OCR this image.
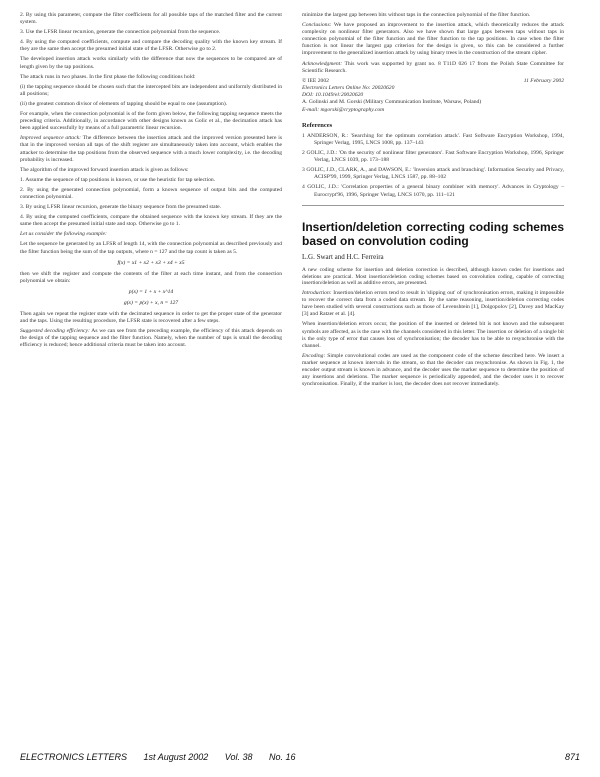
2. By using this parameter, compute the filter coefficients for all possible taps of the matched filter and the current system.

3. Use the LFSR linear recursion, generate the connection polynomial from the sequence.

4. By using the computed coefficients, compute and compare the decoding quality with the known key stream. If they are the same then accept the presumed initial state of the LFSR. Otherwise go to 2.

The developed insertion attack works similarly with the difference that now the sequences to be compared are of length given by the tap positions.

The attack runs in two phases. In the first phase the following conditions hold:

(i) the tapping sequence should be chosen such that the intercepted bits are independent and uniformly distributed in all positions;

(ii) the greatest common divisor of elements of tapping should be equal to one (assumption).

For example, when the connection polynomial is of the form given below, the following tapping sequence meets the preceding criteria. Additionally, in accordance with other designs known as Golic et al., the decimation attack has been applied successfully by means of a full parametric linear recursion.

Improved sequence attack: The difference between the insertion attack and the improved version presented here is that in the improved version all taps of the shift register are simultaneously taken into account, which enables the attacker to determine the tap positions from the observed sequence with a much lower complexity, i.e. the decoding probability is increased.

The algorithm of the improved forward insertion attack is given as follows:

1. Assume the sequence of tap positions is known, or use the heuristic for tap selection.

2. By using the generated connection polynomial, form a known sequence of output bits and the computed connection polynomial.

3. By using LFSR linear recursion, generate the binary sequence from the presumed state.

4. By using the computed coefficients, compare the obtained sequence with the known key stream. If they are the same then accept the presumed initial state and stop. Otherwise go to 1.

Let us consider the following example:

Let the sequence be generated by an LFSR of length 14, with the connection polynomial as described previously and the filter function being the sum of the tap outputs, where n = 127 and the tap count is taken as 5.

f(x) = x1 + x2 + x3 + x4 + x5

then we shift the register and compute the contents of the filter at each time instant, and from the connection polynomial we obtain:

p(x) = 1 + x + x^14
g(x) = p(x) + x, n = 127

Then again we repeat the register state with the decimated sequence in order to get the proper state of the generator and the taps. Using the resulting procedure, the LFSR state is recovered after a few steps.

Suggested decoding efficiency: As we can see from the preceding example, the efficiency of this attack depends on the design of the tapping sequence and the filter function. Namely, when the number of taps is small the decoding efficiency is reduced; hence additional criteria must be taken into account.

minimize the largest gap between bits without taps in the connection polynomial of the filter function.

Conclusions: We have proposed an improvement to the insertion attack, which theoretically reduces the attack complexity on nonlinear filter generators. Also we have shown that large gaps between taps without taps in connection polynomial of the filter function and the filter function to the tap positions. In case when the filter function is not linear the largest gap criterion for the design is given, so this can be considered a further improvement to the generalized insertion attack by using binary trees in the construction of the stream cipher.

Acknowledgment: This work was supported by grant no. 8 T11D 026 17 from the Polish State Committee for Scientific Research.

© IEE 2002	11 February 2002
Electronics Letters Online No: 20020620
DOI: 10.1049/el:20020620
A. Golinski and M. Gorski (Military Communication Institute, Warsaw, Poland)
E-mail: mgorski@cryptography.com
References

1 ANDERSON, R.: 'Searching for the optimum correlation attack'. Fast Software Encryption Workshop, 1994, Springer Verlag, 1995, LNCS 1008, pp. 137–143

2 GOLIC, J.D.: 'On the security of nonlinear filter generators'. Fast Software Encryption Workshop, 1996, Springer Verlag, LNCS 1039, pp. 173–188

3 GOLIC, J.D., CLARK, A., and DAWSON, E.: 'Inversion attack and branching'. Information Security and Privacy, ACISP'99, 1999, Springer Verlag, LNCS 1587, pp. 88–102

4 GOLIC, J.D.: 'Correlation properties of a general binary combiner with memory'. Advances in Cryptology – Eurocrypt'96, 1996, Springer Verlag, LNCS 1070, pp. 111–121

Insertion/deletion correcting coding schemes based on convolution coding
L.G. Swart and H.C. Ferreira

A new coding scheme for insertion and deletion correction is described, although known codes for insertions and deletions are practical. Most insertion/deletion coding schemes based on convolution coding, capable of correcting insertion/deletion as well as additive errors, are presented.

Introduction: Insertion/deletion errors tend to result in 'slipping out' of synchronisation errors, making it impossible to recover the correct data from a coded data stream. By the same reasoning, insertion/deletion correcting codes have been studied with several constructions such as those of Levenshtein [1], Dolgopolov [2], Davey and MacKay [3] and Ratzer et al. [4].

When insertion/deletion errors occur, the position of the inserted or deleted bit is not known and the subsequent symbols are affected, as is the case with the channels considered in this letter. The insertion or deletion of a single bit is the only type of error that causes loss of synchronisation; the decoder has to be able to resynchronise with the channel.

Encoding: Simple convolutional codes are used as the component code of the scheme described here. We insert a marker sequence at known intervals in the stream, so that the decoder can resynchronise. As shown in Fig. 1, the encoder output stream is known in advance, and the decoder uses the marker sequence to determine the position of any insertions and deletions. The marker sequence is periodically appended, and the decoder uses it to recover synchronisation. Finally, if the marker is lost, the decoder does not recover immediately.

ELECTRONICS LETTERS 1st August 2002 Vol. 38 No. 16	871
